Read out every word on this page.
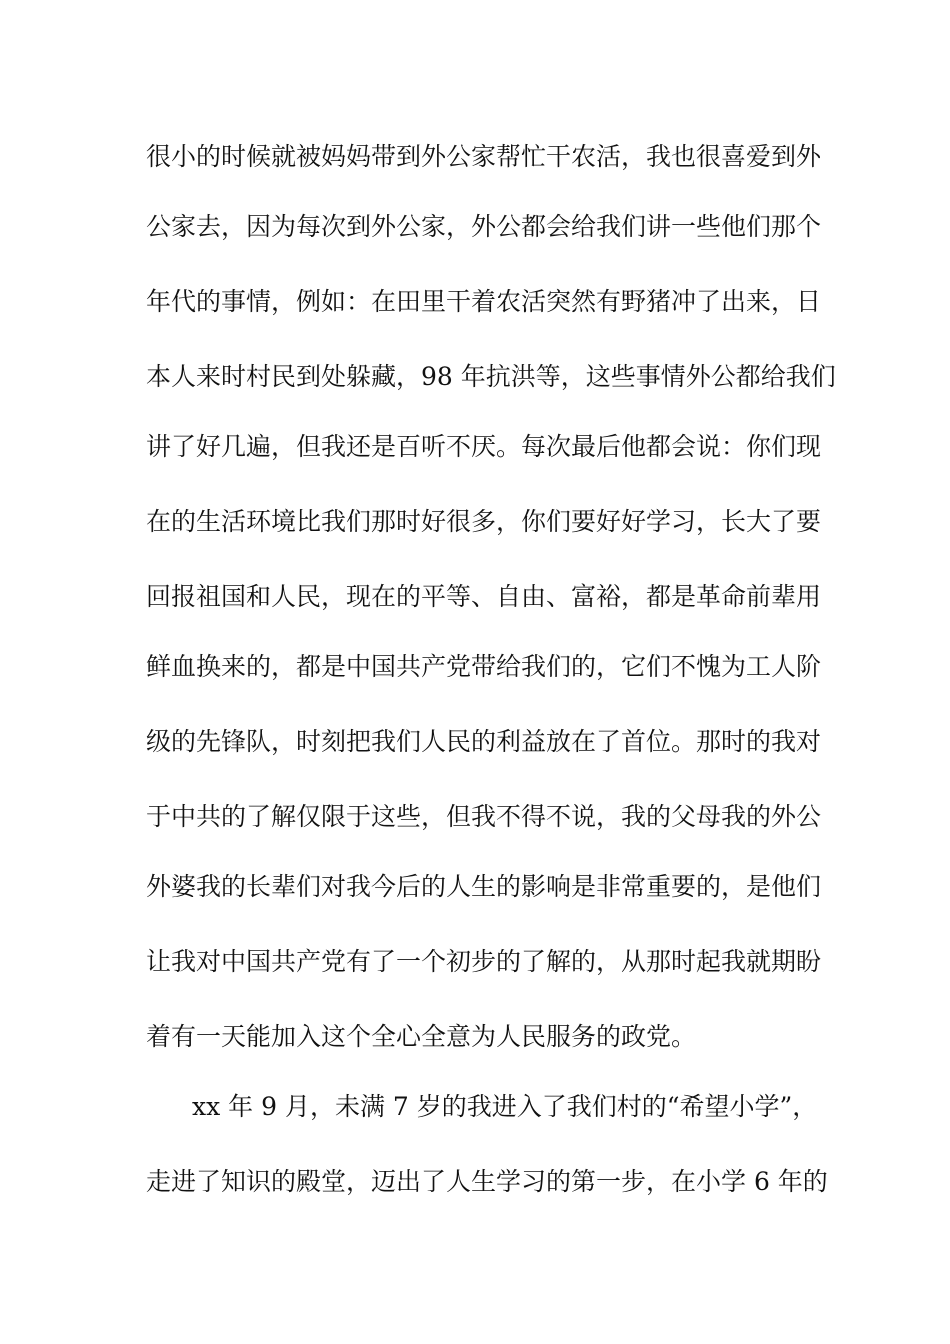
很小的时候就被妈妈带到外公家帮忙干农活，我也很喜爱到外
公家去，因为每次到外公家，外公都会给我们讲一些他们那个
年代的事情，例如：在田里干着农活突然有野猪冲了出来，日
本人来时村民到处躲藏，98 年抗洪等，这些事情外公都给我们
讲了好几遍，但我还是百听不厌。每次最后他都会说：你们现
在的生活环境比我们那时好很多，你们要好好学习，长大了要
回报祖国和人民，现在的平等、自由、富裕，都是革命前辈用
鲜血换来的，都是中国共产党带给我们的，它们不愧为工人阶
级的先锋队，时刻把我们人民的利益放在了首位。那时的我对
于中共的了解仅限于这些，但我不得不说，我的父母我的外公
外婆我的长辈们对我今后的人生的影响是非常重要的，是他们
让我对中国共产党有了一个初步的了解的，从那时起我就期盼
着有一天能加入这个全心全意为人民服务的政党。
xx 年 9 月，未满 7 岁的我进入了我们村的“希望小学”，
走进了知识的殿堂，迈出了人生学习的第一步，在小学 6 年的
